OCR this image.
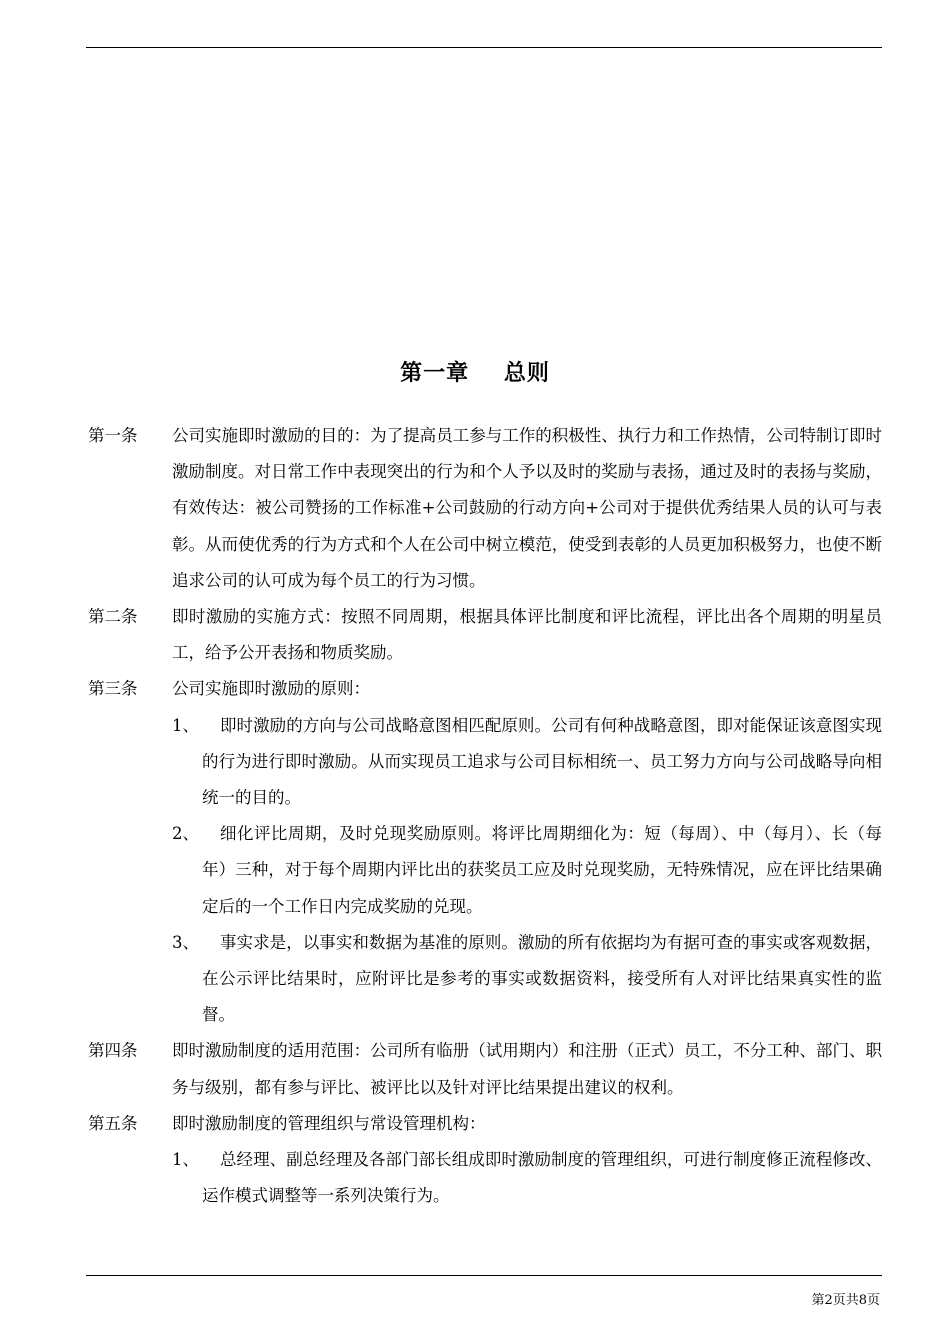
第一章 总则
第一条 公司实施即时激励的目的：为了提高员工参与工作的积极性、执行力和工作热情，公司特制订即时激励制度。对日常工作中表现突出的行为和个人予以及时的奖励与表扬，通过及时的表扬与奖励，有效传达：被公司赞扬的工作标准+公司鼓励的行动方向+公司对于提供优秀结果人员的认可与表彰。从而使优秀的行为方式和个人在公司中树立模范，使受到表彰的人员更加积极努力，也使不断追求公司的认可成为每个员工的行为习惯。
第二条 即时激励的实施方式：按照不同周期，根据具体评比制度和评比流程，评比出各个周期的明星员工，给予公开表扬和物质奖励。
第三条 公司实施即时激励的原则：
1、	即时激励的方向与公司战略意图相匹配原则。公司有何种战略意图，即对能保证该意图实现的行为进行即时激励。从而实现员工追求与公司目标相统一、员工努力方向与公司战略导向相统一的目的。
2、	细化评比周期，及时兑现奖励原则。将评比周期细化为：短（每周）、中（每月）、长（每年）三种，对于每个周期内评比出的获奖员工应及时兑现奖励，无特殊情况，应在评比结果确定后的一个工作日内完成奖励的兑现。
3、	事实求是，以事实和数据为基准的原则。激励的所有依据均为有据可查的事实或客观数据，在公示评比结果时，应附评比是参考的事实或数据资料，接受所有人对评比结果真实性的监督。
第四条 即时激励制度的适用范围：公司所有临册（试用期内）和注册（正式）员工，不分工种、部门、职务与级别，都有参与评比、被评比以及针对评比结果提出建议的权利。
第五条 即时激励制度的管理组织与常设管理机构：
1、	总经理、副总经理及各部门部长组成即时激励制度的管理组织，可进行制度修正流程修改、运作模式调整等一系列决策行为。
第2页共8页
